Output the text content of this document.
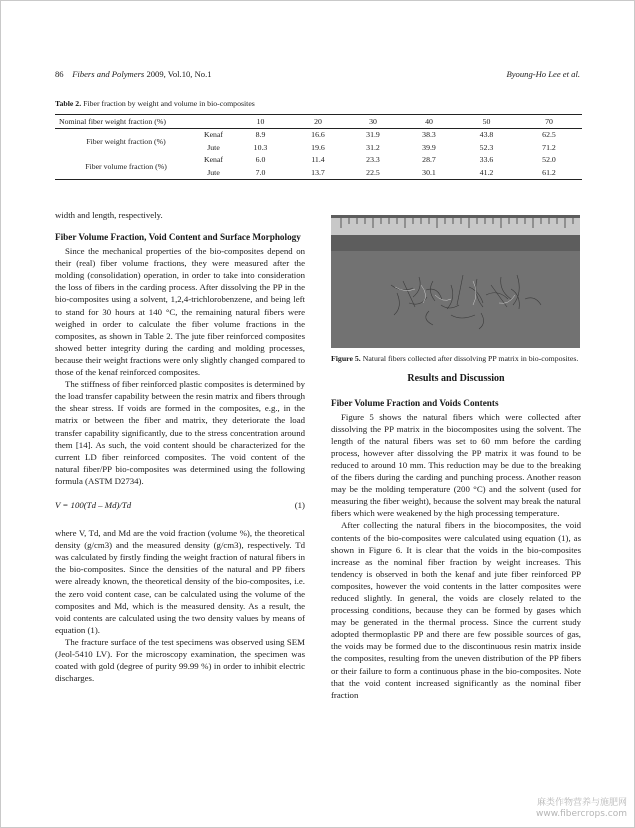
86 Fibers and Polymers 2009, Vol.10, No.1	Byoung-Ho Lee et al.
Table 2. Fiber fraction by weight and volume in bio-composites
Nominal fiber weight fraction (%)		10	20	30	40	50	70
Fiber weight fraction (%)	Kenaf	8.9	16.6	31.9	38.3	43.8	62.5
	Jute	10.3	19.6	31.2	39.9	52.3	71.2
Fiber volume fraction (%)	Kenaf	6.0	11.4	23.3	28.7	33.6	52.0
	Jute	7.0	13.7	22.5	30.1	41.2	61.2

width and length, respectively.

Fiber Volume Fraction, Void Content and Surface Morphology

Since the mechanical properties of the bio-composites depend on their (real) fiber volume fractions, they were measured after the molding (consolidation) operation, in order to take into consideration the loss of fibers in the carding process. After dissolving the PP in the bio-composites using a solvent, 1,2,4-trichlorobenzene, and being left to stand for 30 hours at 140 °C, the remaining natural fibers were weighed in order to calculate the fiber volume fractions in the composites, as shown in Table 2. The jute fiber reinforced composites showed better integrity during the carding and molding processes, because their weight fractions were only slightly changed compared to those of the kenaf reinforced composites.

The stiffness of fiber reinforced plastic composites is determined by the load transfer capability between the resin matrix and fibers through the shear stress. If voids are formed in the composites, e.g., in the matrix or between the fiber and matrix, they deteriorate the load transfer capability significantly, due to the stress concentration around them [14]. As such, the void content should be characterized for the current LD fiber reinforced composites. The void content of the natural fiber/PP bio-composites was determined using the following formula (ASTM D2734).

V = 100(Td – Md)/Td	(1)

where V, Td, and Md are the void fraction (volume %), the theoretical density (g/cm3) and the measured density (g/cm3), respectively. Td was calculated by firstly finding the weight fraction of natural fibers in the bio-composites. Since the densities of the natural and PP fibers were already known, the theoretical density of the bio-composites, i.e. the zero void content case, can be calculated using the volume of the composites and Md, which is the measured density. As a result, the void contents are calculated using the two density values by means of equation (1).

The fracture surface of the test specimens was observed using SEM (Jeol-5410 LV). For the microscopy examination, the specimen was coated with gold (degree of purity 99.99 %) in order to inhibit electric discharges.

Figure 5. Natural fibers collected after dissolving PP matrix in bio-composites.

Results and Discussion
Fiber Volume Fraction and Voids Contents

Figure 5 shows the natural fibers which were collected after dissolving the PP matrix in the biocomposites using the solvent. The length of the natural fibers was set to 60 mm before the carding process, however after dissolving the PP matrix it was found to be reduced to around 10 mm. This reduction may be due to the breaking of the fibers during the carding and punching process. Another reason may be the molding temperature (200 °C) and the solvent (used for measuring the fiber weight), because the solvent may break the natural fibers which were weakened by the high processing temperature.

After collecting the natural fibers in the biocomposites, the void contents of the bio-composites were calculated using equation (1), as shown in Figure 6. It is clear that the voids in the bio-composites increase as the nominal fiber fraction by weight increases. This tendency is observed in both the kenaf and jute fiber reinforced PP composites, however the void contents in the latter composites were reduced slightly. In general, the voids are closely related to the processing conditions, because they can be formed by gases which may be generated in the thermal process. Since the current study adopted thermoplastic PP and there are few possible sources of gas, the voids may be formed due to the discontinuous resin matrix inside the composites, resulting from the uneven distribution of the PP fibers or their failure to form a continuous phase in the bio-composites. Note that the void content increased significantly as the nominal fiber fraction

麻类作物营养与施肥网
www.fibercrops.com
